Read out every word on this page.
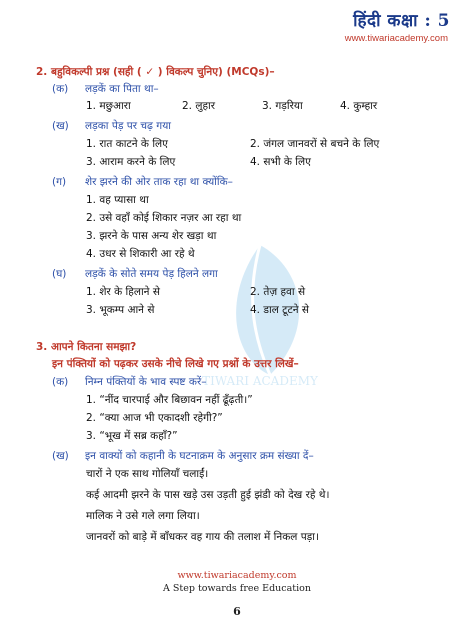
हिंदी कक्षा : 5
www.tiwariacademy.com
TIWARI ACADEMY
2. बहुविकल्पी प्रश्न (सही ( ✓ ) विकल्प चुनिए) (MCQs)–
(क) लड़कें का पिता था–
1. मछुआरा	2. लुहार	3. गड़रिया	4. कुम्हार
(ख) लड़का पेड़ पर चढ़ गया
1. रात काटने के लिए	2. जंगल जानवरों से बचने के लिए
3. आराम करने के लिए	4. सभी के लिए
(ग) शेर झरने की ओर ताक रहा था क्योंकि–
1. वह प्यासा था
2. उसे वहाँ कोई शिकार नज़र आ रहा था
3. झरने के पास अन्य शेर खड़ा था
4. उधर से शिकारी आ रहे थे
(घ) लड़कें के सोते समय पेड़ हिलने लगा
1. शेर के हिलाने से	2. तेज़ हवा से
3. भूकम्प आने से	4. डाल टूटने से
3. आपने कितना समझा?
इन पंक्तियों को पढ़कर उसके नीचे लिखे गए प्रश्नों के उत्तर लिखें–
(क) निम्न पंक्तियों के भाव स्पष्ट करें–
1. “नींद चारपाई और बिछावन नहीं ढूँढ़ती।”
2. “क्या आज भी एकादशी रहेगी?”
3. “भूख में सब्र कहाँ?”
(ख) इन वाक्यों को कहानी के घटनाक्रम के अनुसार क्रम संख्या दें–
चारों ने एक साथ गोलियाँ चलाईं।
कई आदमी झरने के पास खड़े उस उड़ती हुई झंडी को देख रहे थे।
मालिक ने उसे गले लगा लिया।
जानवरों को बाड़े में बाँधकर वह गाय की तलाश में निकल पड़ा।
www.tiwariacademy.com
A Step towards free Education
6
